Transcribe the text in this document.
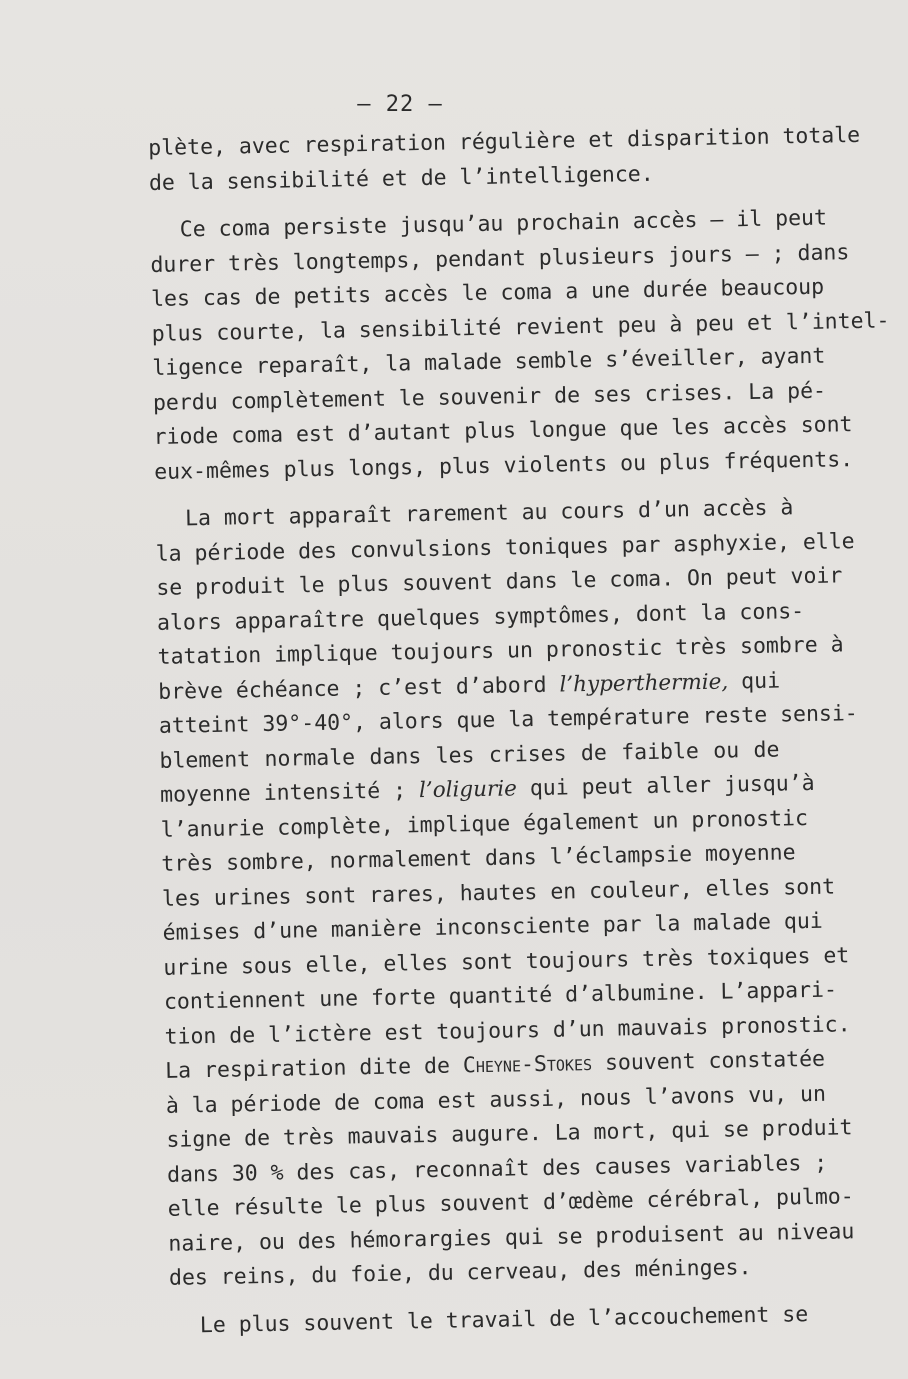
— 22 —
plète, avec respiration régulière et disparition totale
de la sensibilité et de l’intelligence.
Ce coma persiste jusqu’au prochain accès — il peut
durer très longtemps, pendant plusieurs jours — ; dans
les cas de petits accès le coma a une durée beaucoup
plus courte, la sensibilité revient peu à peu et l’intel-
ligence reparaît, la malade semble s’éveiller, ayant
perdu complètement le souvenir de ses crises. La pé-
riode coma est d’autant plus longue que les accès sont
eux-mêmes plus longs, plus violents ou plus fréquents.
La mort apparaît rarement au cours d’un accès à
la période des convulsions toniques par asphyxie, elle
se produit le plus souvent dans le coma. On peut voir
alors apparaître quelques symptômes, dont la cons-
tatation implique toujours un pronostic très sombre à
brève échéance ; c’est d’abord l’hyperthermie, qui
atteint 39°-40°, alors que la température reste sensi-
blement normale dans les crises de faible ou de
moyenne intensité ; l’oligurie qui peut aller jusqu’à
l’anurie complète, implique également un pronostic
très sombre, normalement dans l’éclampsie moyenne
les urines sont rares, hautes en couleur, elles sont
émises d’une manière inconsciente par la malade qui
urine sous elle, elles sont toujours très toxiques et
contiennent une forte quantité d’albumine. L’appari-
tion de l’ictère est toujours d’un mauvais pronostic.
La respiration dite de Cheyne-Stokes souvent constatée
à la période de coma est aussi, nous l’avons vu, un
signe de très mauvais augure. La mort, qui se produit
dans 30 % des cas, reconnaît des causes variables ;
elle résulte le plus souvent d’œdème cérébral, pulmo-
naire, ou des hémorargies qui se produisent au niveau
des reins, du foie, du cerveau, des méninges.
Le plus souvent le travail de l’accouchement se
